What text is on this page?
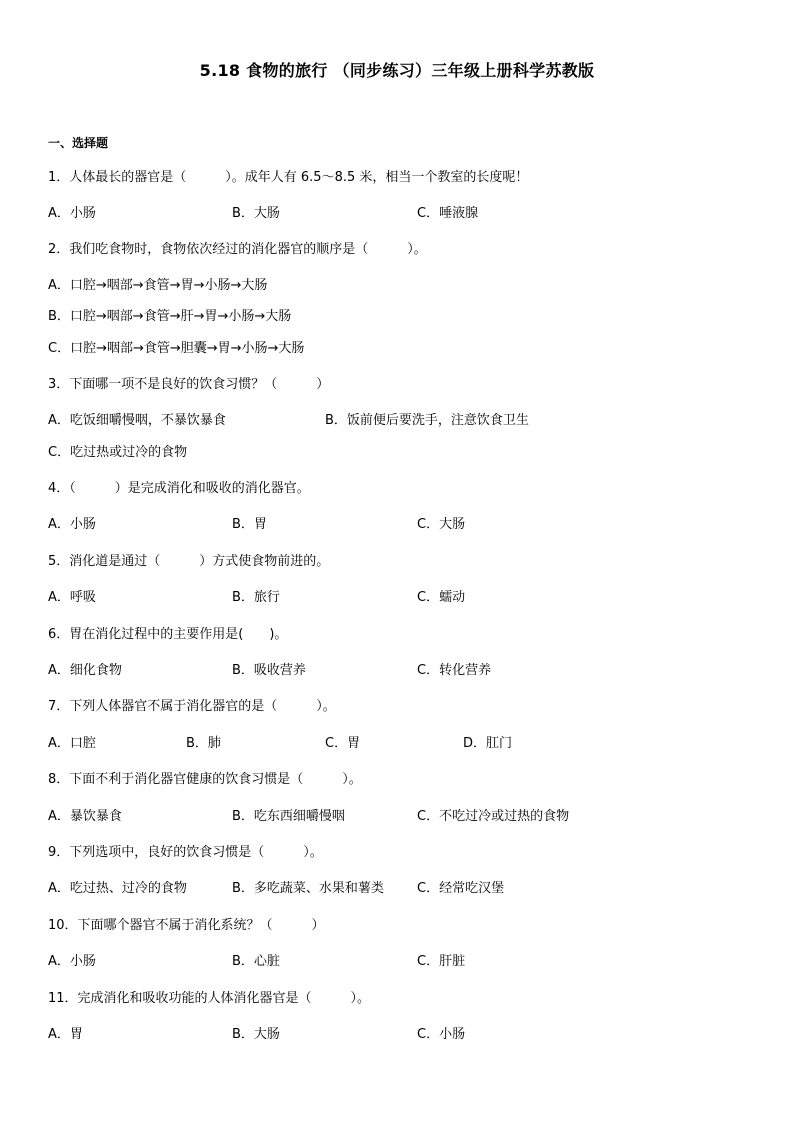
5.18 食物的旅行 （同步练习）三年级上册科学苏教版
一、选择题
1．人体最长的器官是（　　　）。成年人有 6.5～8.5 米，相当一个教室的长度呢！
A．小肠	B．大肠	C．唾液腺
2．我们吃食物时，食物依次经过的消化器官的顺序是（　　　）。
A．口腔→咽部→食管→胃→小肠→大肠
B．口腔→咽部→食管→肝→胃→小肠→大肠
C．口腔→咽部→食管→胆囊→胃→小肠→大肠
3．下面哪一项不是良好的饮食习惯？（　　　）
A．吃饭细嚼慢咽，不暴饮暴食	B．饭前便后要洗手，注意饮食卫生
C．吃过热或过冷的食物
4．（　　　）是完成消化和吸收的消化器官。
A．小肠	B．胃	C．大肠
5．消化道是通过（　　　）方式使食物前进的。
A．呼吸	B．旅行	C．蠕动
6．胃在消化过程中的主要作用是(　　)。
A．细化食物	B．吸收营养	C．转化营养
7．下列人体器官不属于消化器官的是（　　　）。
A．口腔	B．肺	C．胃	D．肛门
8．下面不利于消化器官健康的饮食习惯是（　　　）。
A．暴饮暴食	B．吃东西细嚼慢咽	C．不吃过冷或过热的食物
9．下列选项中，良好的饮食习惯是（　　　）。
A．吃过热、过冷的食物	B．多吃蔬菜、水果和薯类	C．经常吃汉堡
10．下面哪个器官不属于消化系统？（　　　）
A．小肠	B．心脏	C．肝脏
11．完成消化和吸收功能的人体消化器官是（　　　）。
A．胃	B．大肠	C．小肠
